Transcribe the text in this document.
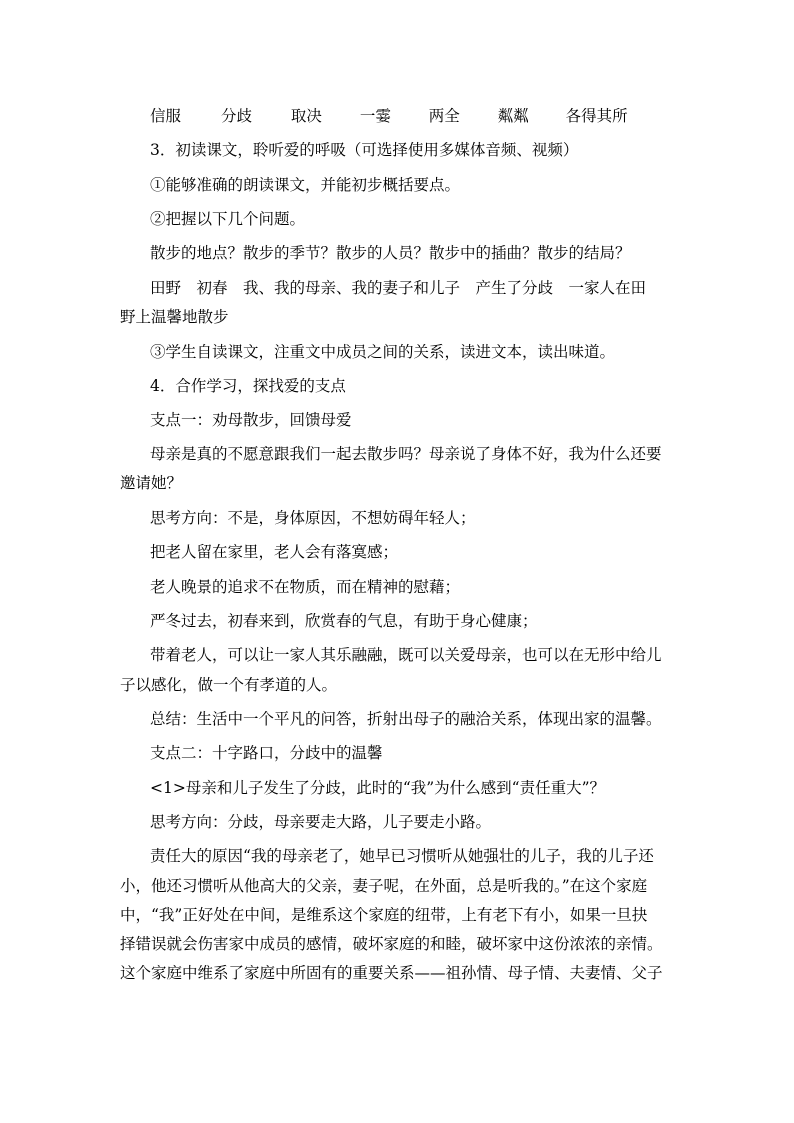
信服	分歧	取决 一霎 两全 粼粼 各得其所
3．初读课文，聆听爱的呼吸（可选择使用多媒体音频、视频）
①能够准确的朗读课文，并能初步概括要点。
②把握以下几个问题。
散步的地点？散步的季节？散步的人员？散步中的插曲？散步的结局？
田野　初春　我、我的母亲、我的妻子和儿子　产生了分歧　一家人在田
野上温馨地散步
③学生自读课文，注重文中成员之间的关系，读进文本，读出味道。
4．合作学习，探找爱的支点
支点一：劝母散步，回馈母爱
母亲是真的不愿意跟我们一起去散步吗？母亲说了身体不好，我为什么还要
邀请她？
思考方向：不是，身体原因，不想妨碍年轻人；
把老人留在家里，老人会有落寞感；
老人晚景的追求不在物质，而在精神的慰藉；
严冬过去，初春来到，欣赏春的气息，有助于身心健康；
带着老人，可以让一家人其乐融融，既可以关爱母亲，也可以在无形中给儿
子以感化，做一个有孝道的人。
总结：生活中一个平凡的问答，折射出母子的融洽关系，体现出家的温馨。
支点二：十字路口，分歧中的温馨
<1>母亲和儿子发生了分歧，此时的“我”为什么感到“责任重大”？
思考方向：分歧，母亲要走大路，儿子要走小路。
责任大的原因“我的母亲老了，她早已习惯听从她强壮的儿子，我的儿子还
小，他还习惯听从他高大的父亲，妻子呢，在外面，总是听我的。”在这个家庭
中，“我”正好处在中间，是维系这个家庭的纽带，上有老下有小，如果一旦抉
择错误就会伤害家中成员的感情，破坏家庭的和睦，破坏家中这份浓浓的亲情。
这个家庭中维系了家庭中所固有的重要关系——祖孙情、母子情、夫妻情、父子
